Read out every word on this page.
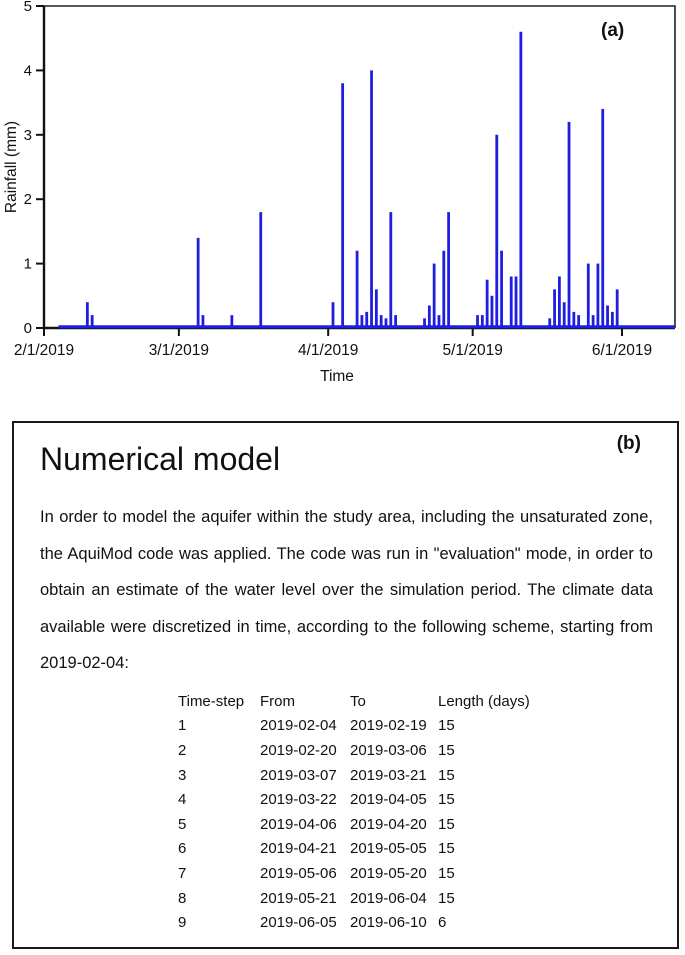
0
1
2
3
4
5
2/1/2019	3/1/2019	4/1/2019	5/1/2019	6/1/2019
Rainfall (mm)
Time
(a)
(b)
Numerical model
In order to model the aquifer within the study area, including the unsaturated zone,
the AquiMod code was applied. The code was run in "evaluation" mode, in order to
obtain an estimate of the water level over the simulation period. The climate data
available were discretized in time, according to the following scheme, starting from
2019-02-04:
Time-step	From	To	Length (days)
1	2019-02-04	2019-02-19	15
2	2019-02-20	2019-03-06	15
3	2019-03-07	2019-03-21	15
4	2019-03-22	2019-04-05	15
5	2019-04-06	2019-04-20	15
6	2019-04-21	2019-05-05	15
7	2019-05-06	2019-05-20	15
8	2019-05-21	2019-06-04	15
9	2019-06-05	2019-06-10	6
